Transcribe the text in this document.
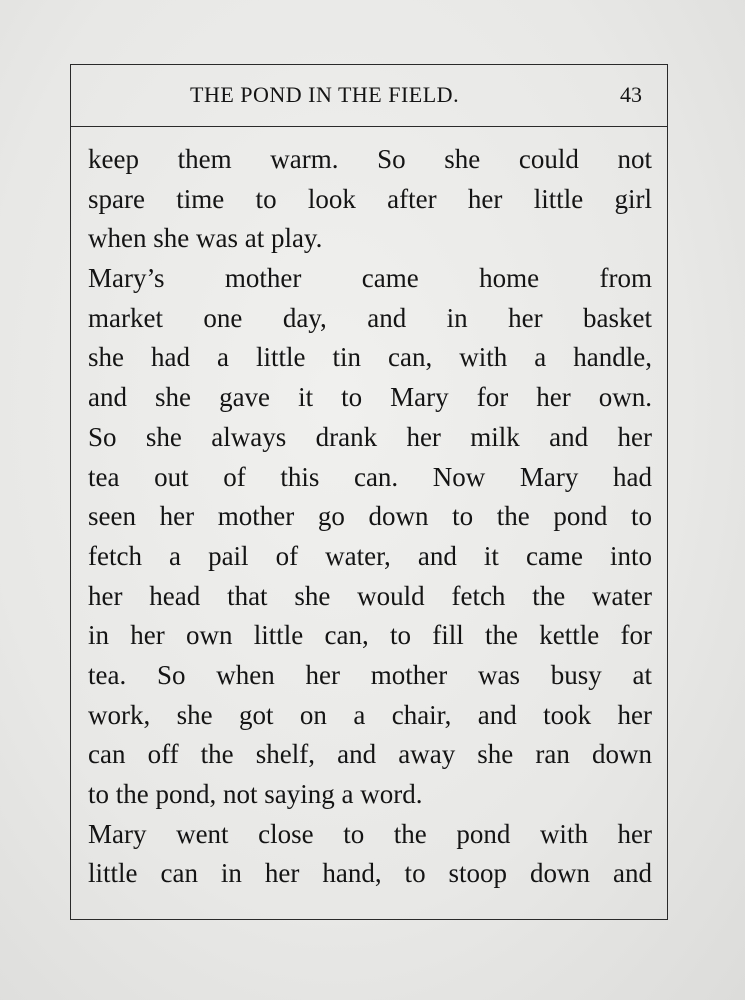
THE POND IN THE FIELD.	43
keep them warm. So she could not
spare time to look after her little girl
when she was at play.
Mary’s mother came home from
market one day, and in her basket
she had a little tin can, with a handle,
and she gave it to Mary for her own.
So she always drank her milk and her
tea out of this can. Now Mary had
seen her mother go down to the pond to
fetch a pail of water, and it came into
her head that she would fetch the water
in her own little can, to fill the kettle for
tea. So when her mother was busy at
work, she got on a chair, and took her
can off the shelf, and away she ran down
to the pond, not saying a word.
Mary went close to the pond with her
little can in her hand, to stoop down and
